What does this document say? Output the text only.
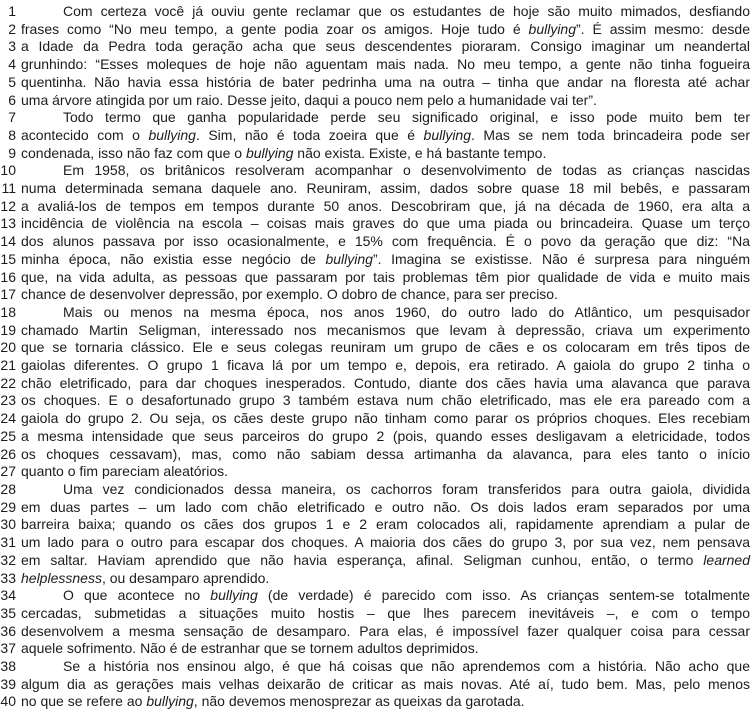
1	Com certeza você já ouviu gente reclamar que os estudantes de hoje são muito mimados, desfiando
2 frases como “No meu tempo, a gente podia zoar os amigos. Hoje tudo é bullying”. É assim mesmo: desde
3 a Idade da Pedra toda geração acha que seus descendentes pioraram. Consigo imaginar um neandertal
4 grunhindo: “Esses moleques de hoje não aguentam mais nada. No meu tempo, a gente não tinha fogueira
5 quentinha. Não havia essa história de bater pedrinha uma na outra – tinha que andar na floresta até achar
6 uma árvore atingida por um raio. Desse jeito, daqui a pouco nem pelo a humanidade vai ter”.
7	Todo termo que ganha popularidade perde seu significado original, e isso pode muito bem ter
8 acontecido com o bullying. Sim, não é toda zoeira que é bullying. Mas se nem toda brincadeira pode ser
9 condenada, isso não faz com que o bullying não exista. Existe, e há bastante tempo.
10	Em 1958, os britânicos resolveram acompanhar o desenvolvimento de todas as crianças nascidas
11 numa determinada semana daquele ano. Reuniram, assim, dados sobre quase 18 mil bebês, e passaram
12 a avaliá-los de tempos em tempos durante 50 anos. Descobriram que, já na década de 1960, era alta a
13 incidência de violência na escola – coisas mais graves do que uma piada ou brincadeira. Quase um terço
14 dos alunos passava por isso ocasionalmente, e 15% com frequência. É o povo da geração que diz: “Na
15 minha época, não existia esse negócio de bullying”. Imagina se existisse. Não é surpresa para ninguém
16 que, na vida adulta, as pessoas que passaram por tais problemas têm pior qualidade de vida e muito mais
17 chance de desenvolver depressão, por exemplo. O dobro de chance, para ser preciso.
18	Mais ou menos na mesma época, nos anos 1960, do outro lado do Atlântico, um pesquisador
19 chamado Martin Seligman, interessado nos mecanismos que levam à depressão, criava um experimento
20 que se tornaria clássico. Ele e seus colegas reuniram um grupo de cães e os colocaram em três tipos de
21 gaiolas diferentes. O grupo 1 ficava lá por um tempo e, depois, era retirado. A gaiola do grupo 2 tinha o
22 chão eletrificado, para dar choques inesperados. Contudo, diante dos cães havia uma alavanca que parava
23 os choques. E o desafortunado grupo 3 também estava num chão eletrificado, mas ele era pareado com a
24 gaiola do grupo 2. Ou seja, os cães deste grupo não tinham como parar os próprios choques. Eles recebiam
25 a mesma intensidade que seus parceiros do grupo 2 (pois, quando esses desligavam a eletricidade, todos
26 os choques cessavam), mas, como não sabiam dessa artimanha da alavanca, para eles tanto o início
27 quanto o fim pareciam aleatórios.
28	Uma vez condicionados dessa maneira, os cachorros foram transferidos para outra gaiola, dividida
29 em duas partes – um lado com chão eletrificado e outro não. Os dois lados eram separados por uma
30 barreira baixa; quando os cães dos grupos 1 e 2 eram colocados ali, rapidamente aprendiam a pular de
31 um lado para o outro para escapar dos choques. A maioria dos cães do grupo 3, por sua vez, nem pensava
32 em saltar. Haviam aprendido que não havia esperança, afinal. Seligman cunhou, então, o termo learned
33 helplessness, ou desamparo aprendido.
34	O que acontece no bullying (de verdade) é parecido com isso. As crianças sentem-se totalmente
35 cercadas, submetidas a situações muito hostis – que lhes parecem inevitáveis –, e com o tempo
36 desenvolvem a mesma sensação de desamparo. Para elas, é impossível fazer qualquer coisa para cessar
37 aquele sofrimento. Não é de estranhar que se tornem adultos deprimidos.
38	Se a história nos ensinou algo, é que há coisas que não aprendemos com a história. Não acho que
39 algum dia as gerações mais velhas deixarão de criticar as mais novas. Até aí, tudo bem. Mas, pelo menos
40 no que se refere ao bullying, não devemos menosprezar as queixas da garotada.
